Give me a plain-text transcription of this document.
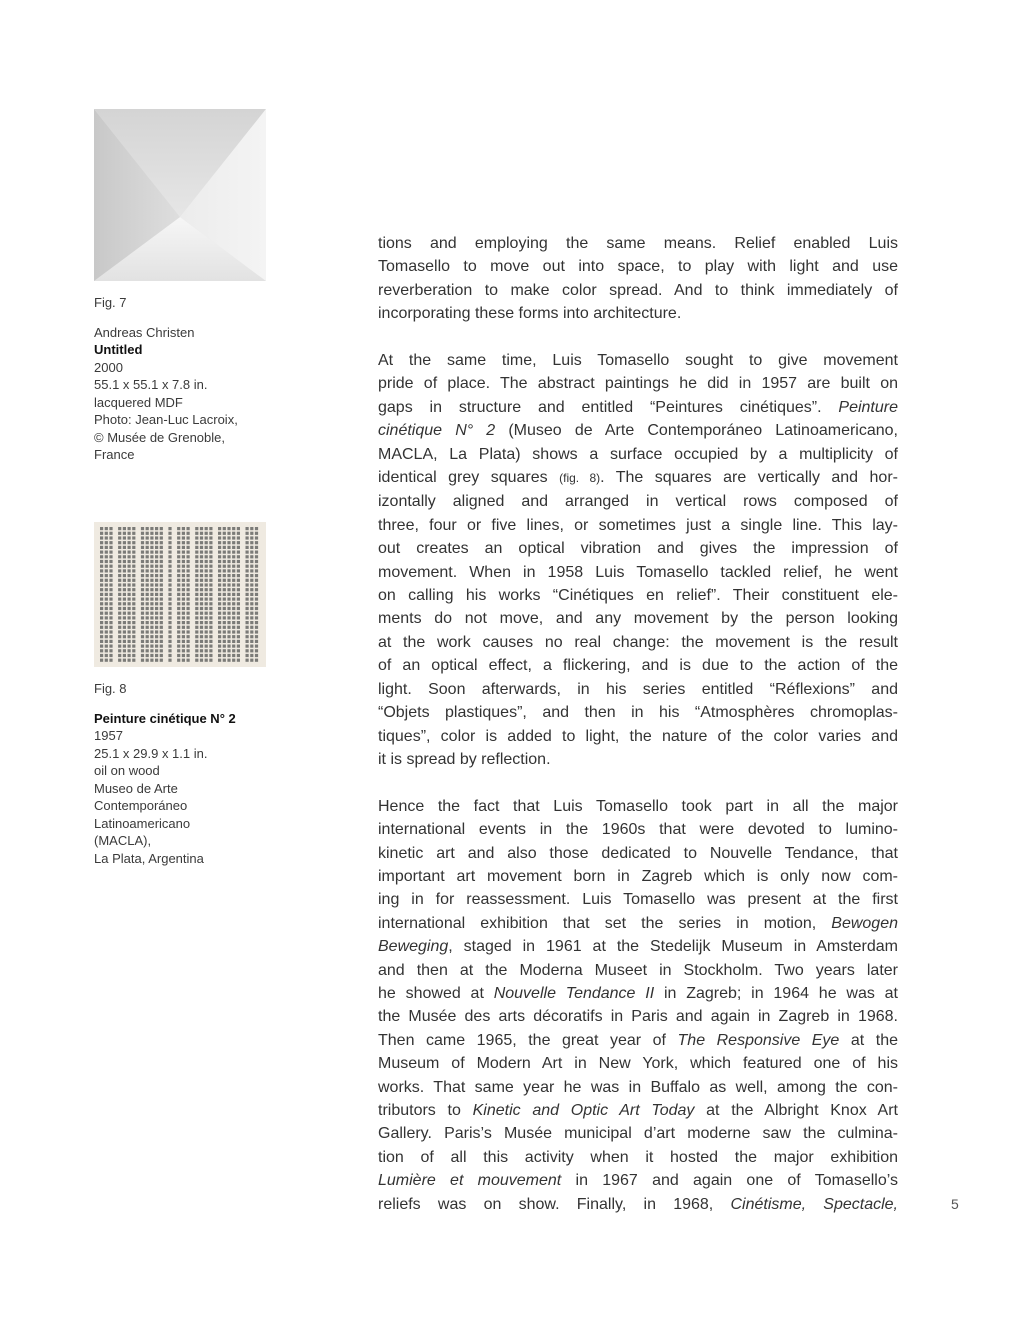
Fig. 7
Andreas Christen
Untitled
2000
55.1 x 55.1 x 7.8 in.
lacquered MDF
Photo: Jean-Luc Lacroix,
© Musée de Grenoble,
France
Fig. 8
Peinture cinétique N° 2
1957
25.1 x 29.9 x 1.1 in.
oil on wood
Museo de Arte
Contemporáneo
Latinoamericano
(MACLA),
La Plata, Argentina

tions and employing the same means. Relief enabled Luis
Tomasello to move out into space, to play with light and use
reverberation to make color spread. And to think immediately of
incorporating these forms into architecture.

At the same time, Luis Tomasello sought to give movement
pride of place. The abstract paintings he did in 1957 are built on
gaps in structure and entitled “Peintures cinétiques”. Peinture
cinétique N° 2 (Museo de Arte Contemporáneo Latinoamericano,
MACLA, La Plata) shows a surface occupied by a multiplicity of
identical grey squares (fig. 8). The squares are vertically and hor-
izontally aligned and arranged in vertical rows composed of
three, four or five lines, or sometimes just a single line. This lay-
out creates an optical vibration and gives the impression of
movement. When in 1958 Luis Tomasello tackled relief, he went
on calling his works “Cinétiques en relief”. Their constituent ele-
ments do not move, and any movement by the person looking
at the work causes no real change: the movement is the result
of an optical effect, a flickering, and is due to the action of the
light. Soon afterwards, in his series entitled “Réflexions” and
“Objets plastiques”, and then in his “Atmosphères chromoplas-
tiques”, color is added to light, the nature of the color varies and
it is spread by reflection.

Hence the fact that Luis Tomasello took part in all the major
international events in the 1960s that were devoted to lumino-
kinetic art and also those dedicated to Nouvelle Tendance, that
important art movement born in Zagreb which is only now com-
ing in for reassessment. Luis Tomasello was present at the first
international exhibition that set the series in motion, Bewogen
Beweging, staged in 1961 at the Stedelijk Museum in Amsterdam
and then at the Moderna Museet in Stockholm. Two years later
he showed at Nouvelle Tendance II in Zagreb; in 1964 he was at
the Musée des arts décoratifs in Paris and again in Zagreb in 1968.
Then came 1965, the great year of The Responsive Eye at the
Museum of Modern Art in New York, which featured one of his
works. That same year he was in Buffalo as well, among the con-
tributors to Kinetic and Optic Art Today at the Albright Knox Art
Gallery. Paris’s Musée municipal d’art moderne saw the culmina-
tion of all this activity when it hosted the major exhibition
Lumière et mouvement in 1967 and again one of Tomasello’s
reliefs was on show. Finally, in 1968, Cinétisme, Spectacle,	5
